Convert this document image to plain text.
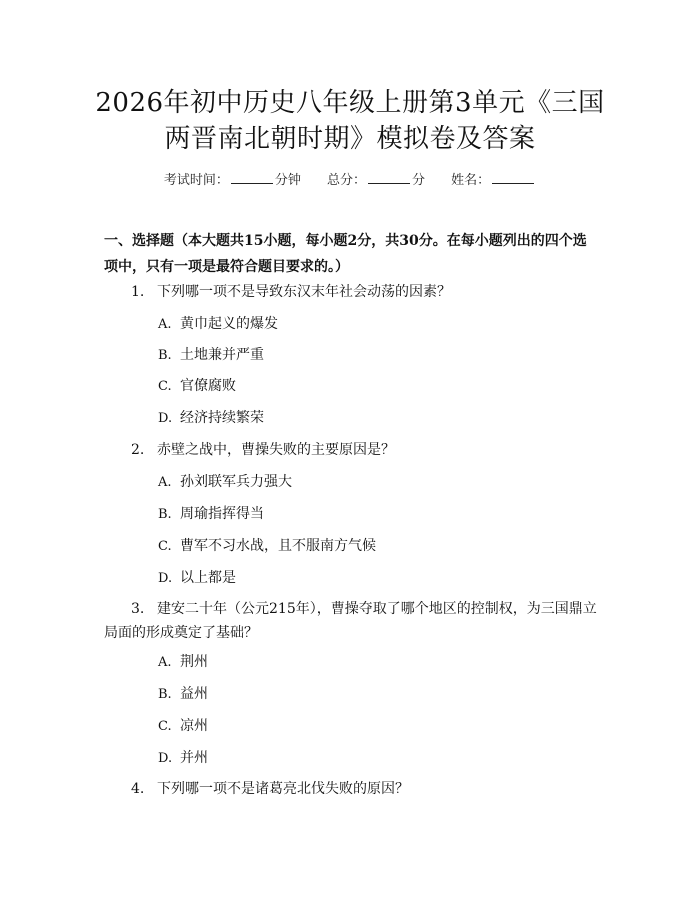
2026年初中历史八年级上册第3单元《三国
两晋南北朝时期》模拟卷及答案
考试时间：	分钟 总分：	分 姓名：
一、选择题（本大题共15小题，每小题2分，共30分。在每小题列出的四个选
项中，只有一项是最符合题目要求的。）
1. 下列哪一项不是导致东汉末年社会动荡的因素？
A. 黄巾起义的爆发
B. 土地兼并严重
C. 官僚腐败
D. 经济持续繁荣
2. 赤壁之战中，曹操失败的主要原因是？
A. 孙刘联军兵力强大
B. 周瑜指挥得当
C. 曹军不习水战，且不服南方气候
D. 以上都是
3. 建安二十年（公元215年），曹操夺取了哪个地区的控制权，为三国鼎立
局面的形成奠定了基础？
A. 荆州
B. 益州
C. 凉州
D. 并州
4. 下列哪一项不是诸葛亮北伐失败的原因？
